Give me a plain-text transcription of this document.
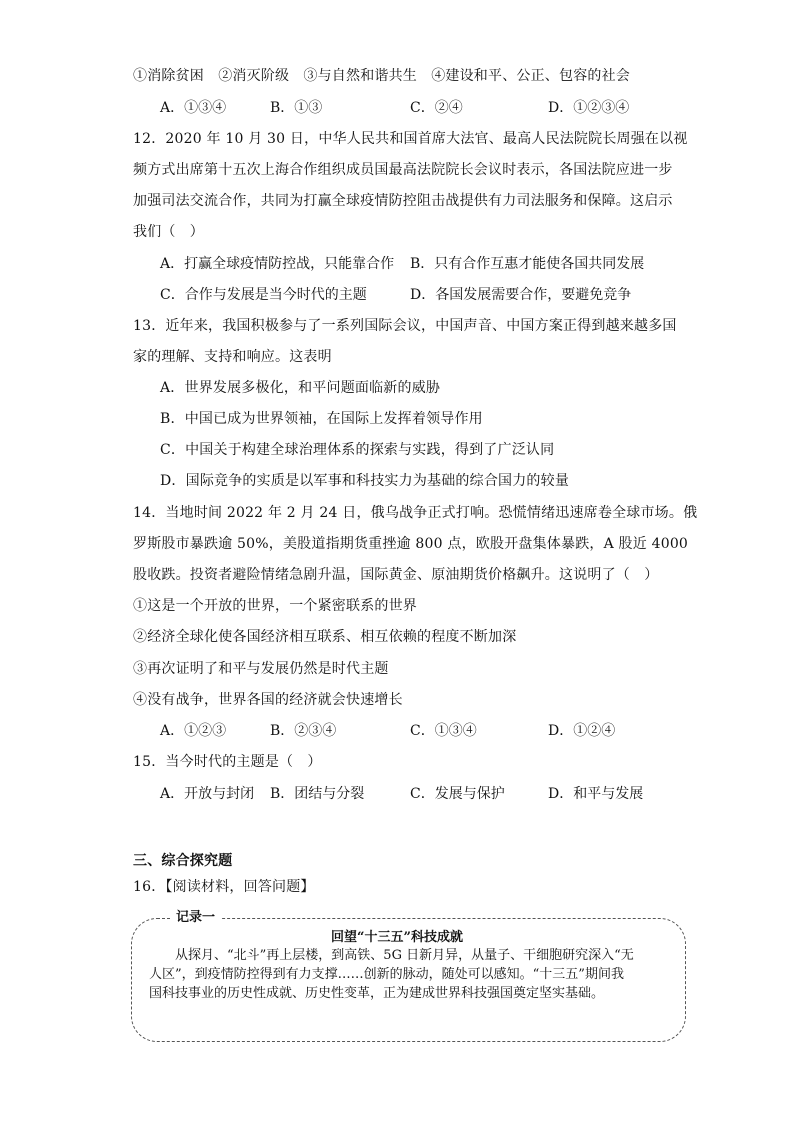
①消除贫困　②消灭阶级　③与自然和谐共生　④建设和平、公正、包容的社会
A．①③④	B．①③	C．②④	D．①②③④
12．2020 年 10 月 30 日，中华人民共和国首席大法官、最高人民法院院长周强在以视
频方式出席第十五次上海合作组织成员国最高法院院长会议时表示，各国法院应进一步
加强司法交流合作，共同为打赢全球疫情防控阻击战提供有力司法服务和保障。这启示
我们（　）
A．打赢全球疫情防控战，只能靠合作 B．只有合作互惠才能使各国共同发展
C．合作与发展是当今时代的主题	D．各国发展需要合作，要避免竞争
13．近年来，我国积极参与了一系列国际会议，中国声音、中国方案正得到越来越多国
家的理解、支持和响应。这表明
A．世界发展多极化，和平问题面临新的威胁
B．中国已成为世界领袖，在国际上发挥着领导作用
C．中国关于构建全球治理体系的探索与实践，得到了广泛认同
D．国际竞争的实质是以军事和科技实力为基础的综合国力的较量
14．当地时间 2022 年 2 月 24 日，俄乌战争正式打响。恐慌情绪迅速席卷全球市场。俄
罗斯股市暴跌逾 50%，美股道指期货重挫逾 800 点，欧股开盘集体暴跌，A 股近 4000
股收跌。投资者避险情绪急剧升温，国际黄金、原油期货价格飙升。这说明了（　）
①这是一个开放的世界，一个紧密联系的世界
②经济全球化使各国经济相互联系、相互依赖的程度不断加深
③再次证明了和平与发展仍然是时代主题
④没有战争，世界各国的经济就会快速增长
A．①②③	B．②③④	C．①③④	D．①②④
15．当今时代的主题是（　）
A．开放与封闭 B．团结与分裂	C．发展与保护	D．和平与发展
三、综合探究题
16．【阅读材料，回答问题】
记录一
回望“十三五”科技成就
　　从探月、“北斗”再上层楼，到高铁、5G 日新月异，从量子、干细胞研究深入“无
人区”，到疫情防控得到有力支撑……创新的脉动，随处可以感知。“十三五”期间我
国科技事业的历史性成就、历史性变革，正为建成世界科技强国奠定坚实基础。
